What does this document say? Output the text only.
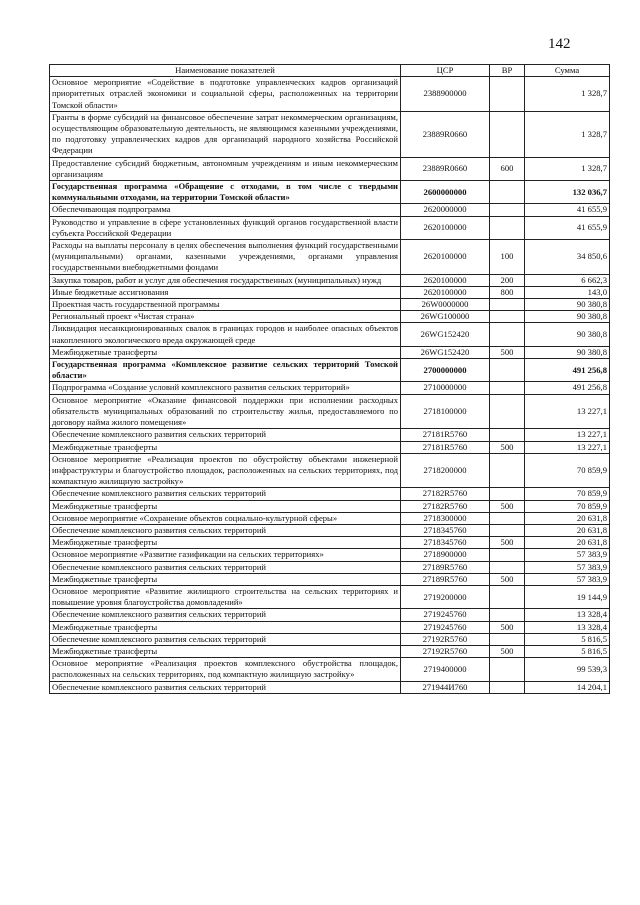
142
Наименование показателей	ЦСР	ВР	Сумма
Основное мероприятие «Содействие в подготовке управленческих кадров организаций приоритетных отраслей экономики и социальной сферы, расположенных на территории Томской области»	2388900000		1 328,7
Гранты в форме субсидий на финансовое обеспечение затрат некоммерческим организациям, осуществляющим образовательную деятельность, не являющимся казенными учреждениями, по подготовку управленческих кадров для организаций народного хозяйства Российской Федерации	23889R0660		1 328,7
Предоставление субсидий бюджетным, автономным учреждениям и иным некоммерческим организациям	23889R0660	600	1 328,7
Государственная программа «Обращение с отходами, в том числе с твердыми коммунальными отходами, на территории Томской области»	2600000000		132 036,7
Обеспечивающая подпрограмма	2620000000		41 655,9
Руководство и управление в сфере установленных функций органов государственной власти субъекта Российской Федерации	2620100000		41 655,9
Расходы на выплаты персоналу в целях обеспечения выполнения функций государственными (муниципальными) органами, казенными учреждениями, органами управления государственными внебюджетными фондами	2620100000	100	34 850,6
Закупка товаров, работ и услуг для обеспечения государственных (муниципальных) нужд	2620100000	200	6 662,3
Иные бюджетные ассигнования	2620100000	800	143,0
Проектная часть государственной программы	26W0000000		90 380,8
Региональный проект «Чистая страна»	26WG100000		90 380,8
Ликвидация несанкционированных свалок в границах городов и наиболее опасных объектов накопленного экологического вреда окружающей среде	26WG152420		90 380,8
Межбюджетные трансферты	26WG152420	500	90 380,8
Государственная программа «Комплексное развитие сельских территорий Томской области»	2700000000		491 256,8
Подпрограмма «Создание условий комплексного развития сельских территорий»	2710000000		491 256,8
Основное мероприятие «Оказание финансовой поддержки при исполнении расходных обязательств муниципальных образований по строительству жилья, предоставляемого по договору найма жилого помещения»	2718100000		13 227,1
Обеспечение комплексного развития сельских территорий	27181R5760		13 227,1
Межбюджетные трансферты	27181R5760	500	13 227,1
Основное мероприятие «Реализация проектов по обустройству объектами инженерной инфраструктуры и благоустройство площадок, расположенных на сельских территориях, под компактную жилищную застройку»	2718200000		70 859,9
Обеспечение комплексного развития сельских территорий	27182R5760		70 859,9
Межбюджетные трансферты	27182R5760	500	70 859,9
Основное мероприятие «Сохранение объектов социально-культурной сферы»	2718300000		20 631,8
Обеспечение комплексного развития сельских территорий	2718345760		20 631,8
Межбюджетные трансферты	2718345760	500	20 631,8
Основное мероприятие «Развитие газификации на сельских территориях»	2718900000		57 383,9
Обеспечение комплексного развития сельских территорий	27189R5760		57 383,9
Межбюджетные трансферты	27189R5760	500	57 383,9
Основное мероприятие «Развитие жилищного строительства на сельских территориях и повышение уровня благоустройства домовладений»	2719200000		19 144,9
Обеспечение комплексного развития сельских территорий	2719245760		13 328,4
Межбюджетные трансферты	2719245760	500	13 328,4
Обеспечение комплексного развития сельских территорий	27192R5760		5 816,5
Межбюджетные трансферты	27192R5760	500	5 816,5
Основное мероприятие «Реализация проектов комплексного обустройства площадок, расположенных на сельских территориях, под компактную жилищную застройку»	2719400000		99 539,3
Обеспечение комплексного развития сельских территорий	271944И760		14 204,1
